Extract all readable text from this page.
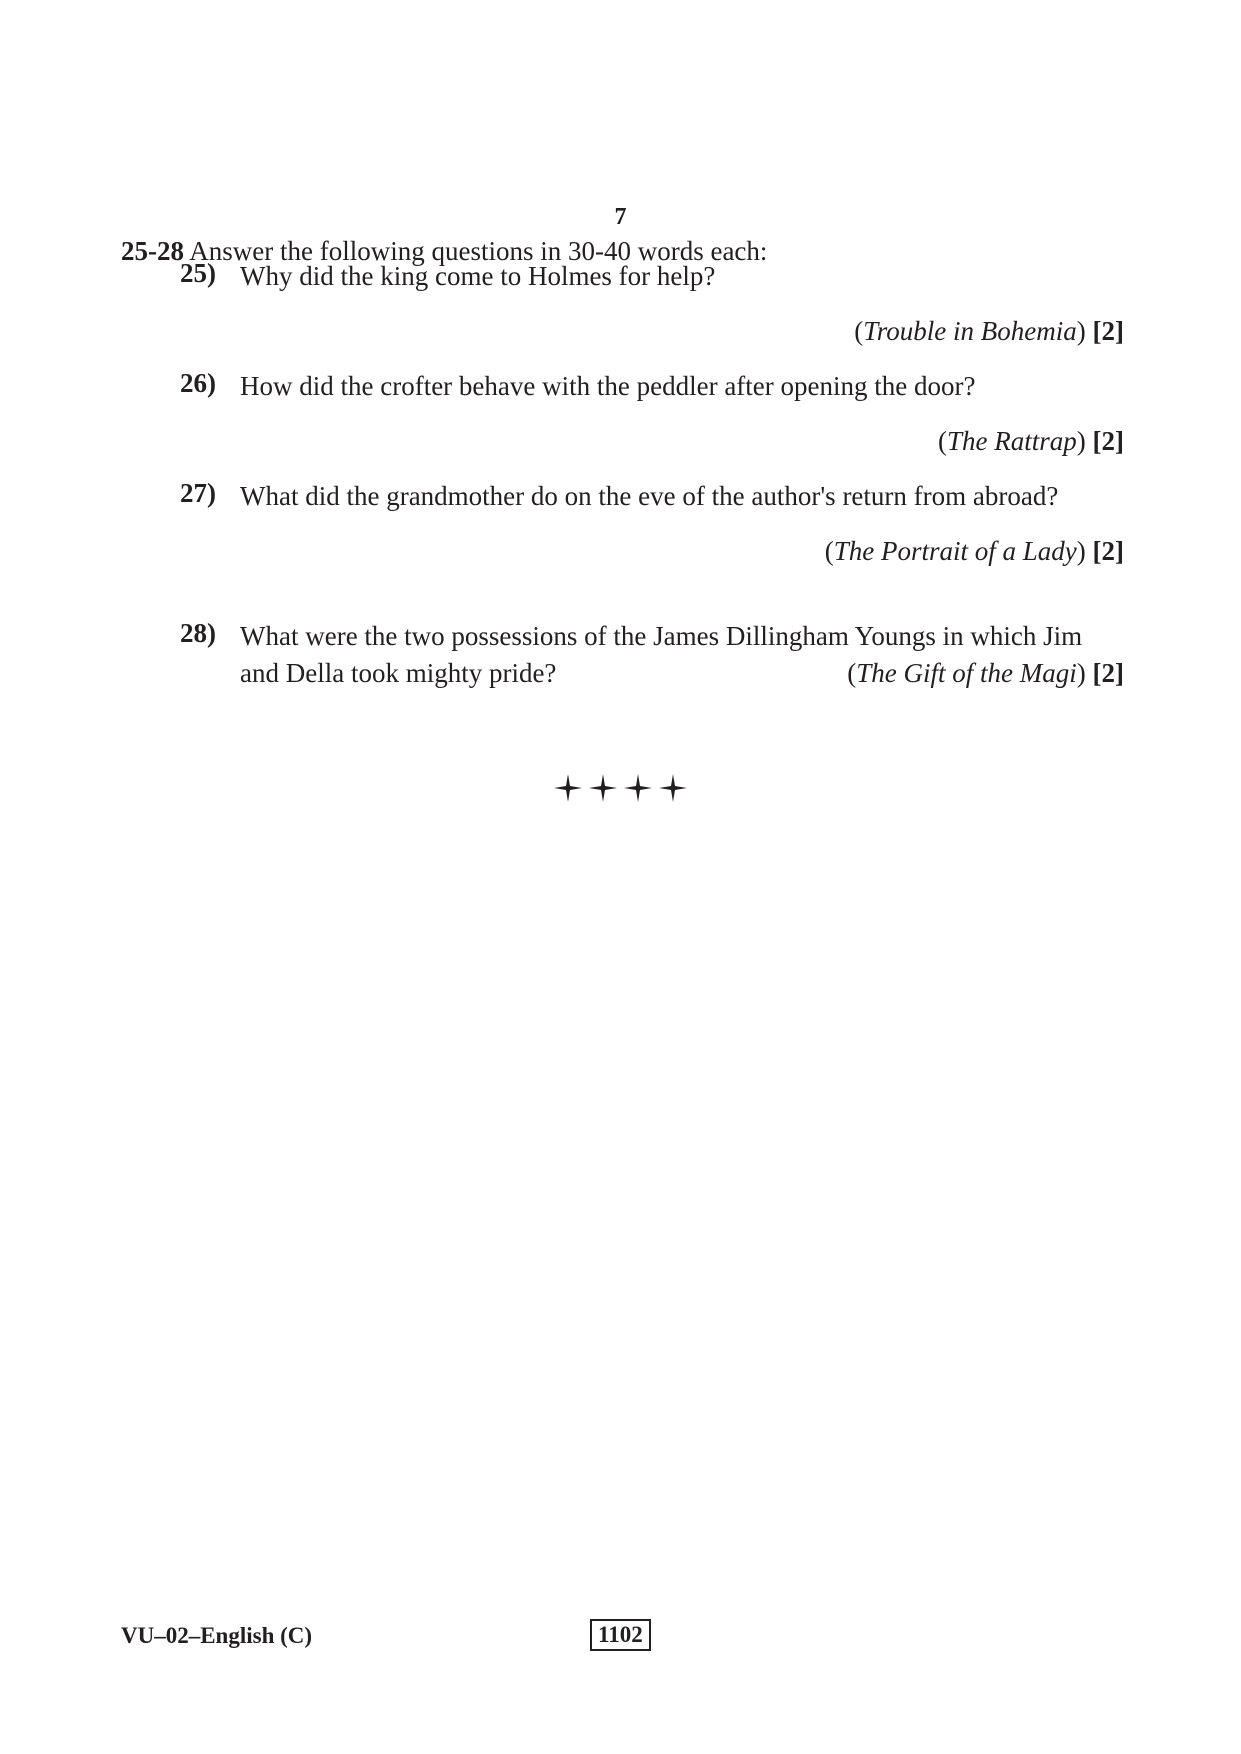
7
25-28 Answer the following questions in 30-40 words each:
25) Why did the king come to Holmes for help?
(Trouble in Bohemia) [2]
26) How did the crofter behave with the peddler after opening the door?
(The Rattrap) [2]
27) What did the grandmother do on the eve of the author's return from abroad?
(The Portrait of a Lady) [2]
28) What were the two possessions of the James Dillingham Youngs in which Jim
and Della took mighty pride?	(The Gift of the Magi) [2]
VU–02–English (C)	1102
